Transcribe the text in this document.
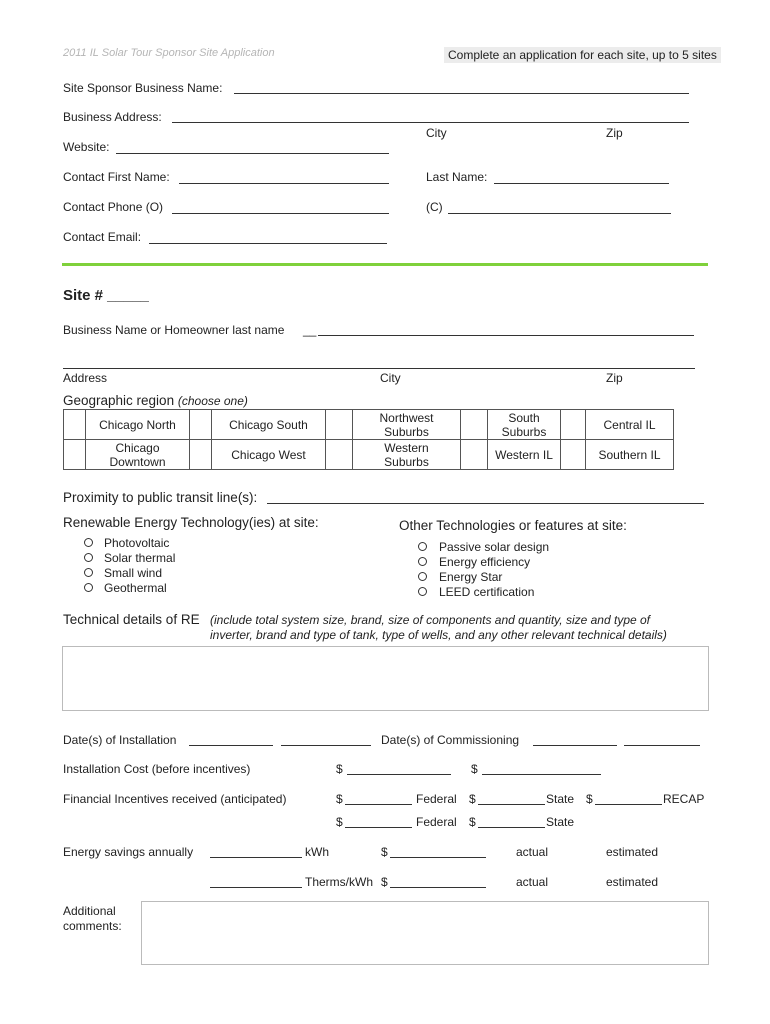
2011 IL Solar Tour Sponsor Site Application	Complete an application for each site, up to 5 sites
Site Sponsor Business Name:
Business Address:
City	Zip
Website:
Contact First Name:	Last Name:
Contact Phone (O)	(C)
Contact Email:
Site # _____
Business Name or Homeowner last name __
Address	City	Zip
Geographic region (choose one)
	Chicago North		Chicago South		Northwest Suburbs		South Suburbs		Central IL
	Chicago Downtown		Chicago West		Western Suburbs		Western IL		Southern IL
Proximity to public transit line(s):
Renewable Energy Technology(ies) at site:
Photovoltaic
Solar thermal
Small wind
Geothermal
Other Technologies or features at site:
Passive solar design
Energy efficiency
Energy Star
LEED certification
Technical details of RE (include total system size, brand, size of components and quantity, size and type of
inverter, brand and type of tank, type of wells, and any other relevant technical details)
Date(s) of Installation	Date(s) of Commissioning
Installation Cost (before incentives)	$	$
Financial Incentives received (anticipated)	$	Federal $	State $	RECAP
$	Federal $	State
Energy savings annually	kWh	$	actual	estimated
Therms/kWh $	actual	estimated
Additional
comments:
